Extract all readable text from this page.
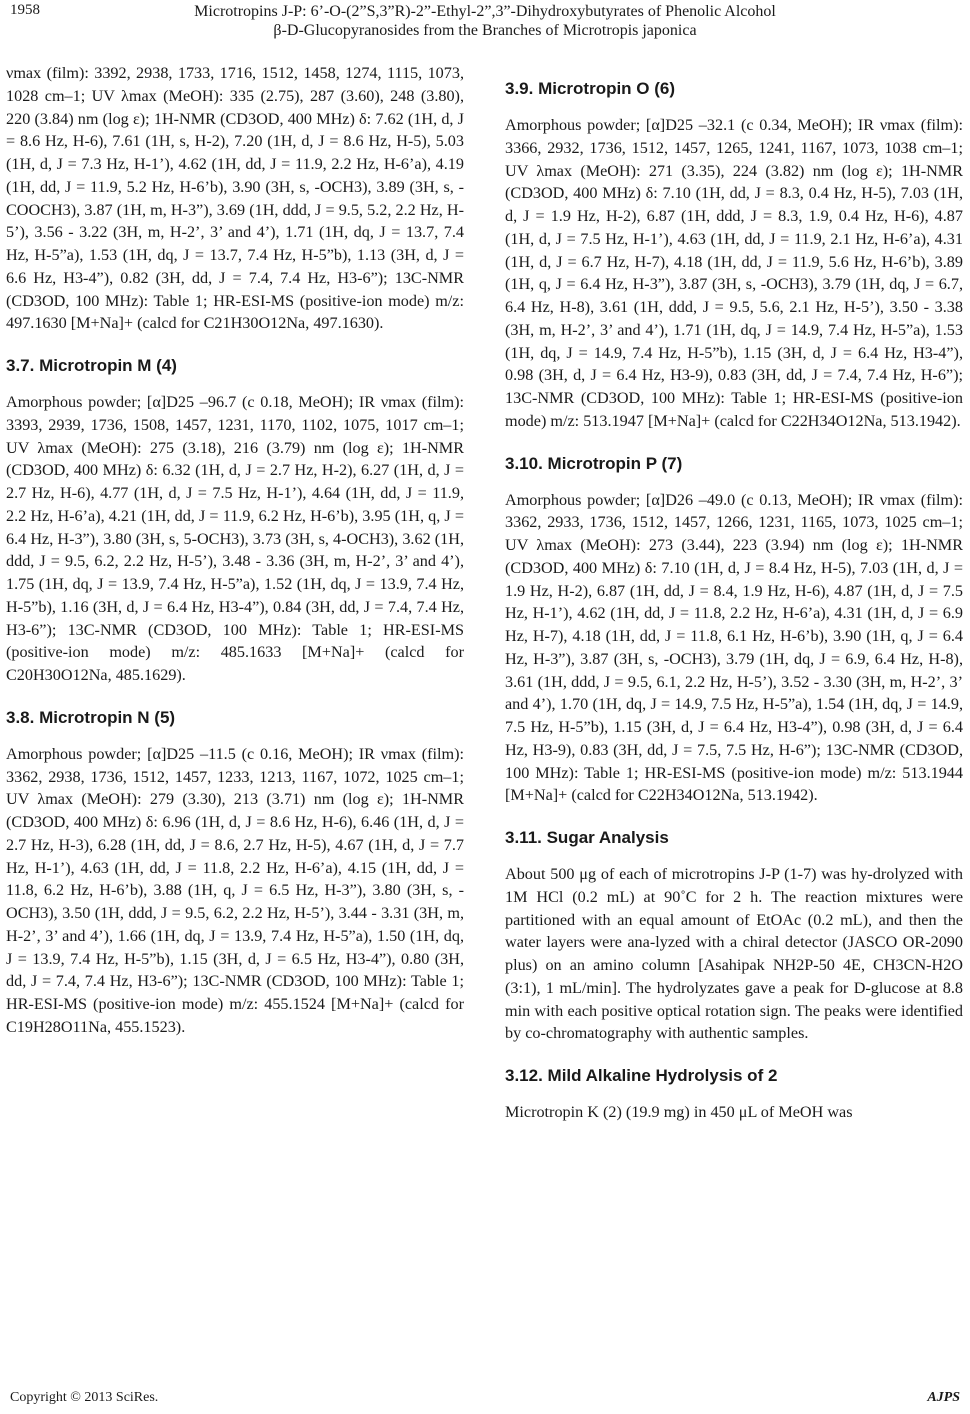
1958	Microtropins J-P: 6’-O-(2”S,3”R)-2”-Ethyl-2”,3”-Dihydroxybutyrates of Phenolic Alcohol
β-D-Glucopyranosides from the Branches of Microtropis japonica

νmax (film): 3392, 2938, 1733, 1716, 1512, 1458, 1274, 1115, 1073, 1028 cm–1; UV λmax (MeOH): 335 (2.75), 287 (3.60), 248 (3.80), 220 (3.84) nm (log ε); 1H-NMR (CD3OD, 400 MHz) δ: 7.62 (1H, d, J = 8.6 Hz, H-6), 7.61 (1H, s, H-2), 7.20 (1H, d, J = 8.6 Hz, H-5), 5.03 (1H, d, J = 7.3 Hz, H-1’), 4.62 (1H, dd, J = 11.9, 2.2 Hz, H-6’a), 4.19 (1H, dd, J = 11.9, 5.2 Hz, H-6’b), 3.90 (3H, s, -OCH3), 3.89 (3H, s, -COOCH3), 3.87 (1H, m, H-3”), 3.69 (1H, ddd, J = 9.5, 5.2, 2.2 Hz, H-5’), 3.56 - 3.22 (3H, m, H-2’, 3’ and 4’), 1.71 (1H, dq, J = 13.7, 7.4 Hz, H-5”a), 1.53 (1H, dq, J = 13.7, 7.4 Hz, H-5”b), 1.13 (3H, d, J = 6.6 Hz, H3-4”), 0.82 (3H, dd, J = 7.4, 7.4 Hz, H3-6”); 13C-NMR (CD3OD, 100 MHz): Table 1; HR-ESI-MS (positive-ion mode) m/z: 497.1630 [M+Na]+ (calcd for C21H30O12Na, 497.1630).

3.7. Microtropin M (4)

Amorphous powder; [α]D25 –96.7 (c 0.18, MeOH); IR νmax (film): 3393, 2939, 1736, 1508, 1457, 1231, 1170, 1102, 1075, 1017 cm–1; UV λmax (MeOH): 275 (3.18), 216 (3.79) nm (log ε); 1H-NMR (CD3OD, 400 MHz) δ: 6.32 (1H, d, J = 2.7 Hz, H-2), 6.27 (1H, d, J = 2.7 Hz, H-6), 4.77 (1H, d, J = 7.5 Hz, H-1’), 4.64 (1H, dd, J = 11.9, 2.2 Hz, H-6’a), 4.21 (1H, dd, J = 11.9, 6.2 Hz, H-6’b), 3.95 (1H, q, J = 6.4 Hz, H-3”), 3.80 (3H, s, 5-OCH3), 3.73 (3H, s, 4-OCH3), 3.62 (1H, ddd, J = 9.5, 6.2, 2.2 Hz, H-5’), 3.48 - 3.36 (3H, m, H-2’, 3’ and 4’), 1.75 (1H, dq, J = 13.9, 7.4 Hz, H-5”a), 1.52 (1H, dq, J = 13.9, 7.4 Hz, H-5”b), 1.16 (3H, d, J = 6.4 Hz, H3-4”), 0.84 (3H, dd, J = 7.4, 7.4 Hz, H3-6”); 13C-NMR (CD3OD, 100 MHz): Table 1; HR-ESI-MS (positive-ion mode) m/z: 485.1633 [M+Na]+ (calcd for C20H30O12Na, 485.1629).

3.8. Microtropin N (5)

Amorphous powder; [α]D25 –11.5 (c 0.16, MeOH); IR νmax (film): 3362, 2938, 1736, 1512, 1457, 1233, 1213, 1167, 1072, 1025 cm–1; UV λmax (MeOH): 279 (3.30), 213 (3.71) nm (log ε); 1H-NMR (CD3OD, 400 MHz) δ: 6.96 (1H, d, J = 8.6 Hz, H-6), 6.46 (1H, d, J = 2.7 Hz, H-3), 6.28 (1H, dd, J = 8.6, 2.7 Hz, H-5), 4.67 (1H, d, J = 7.7 Hz, H-1’), 4.63 (1H, dd, J = 11.8, 2.2 Hz, H-6’a), 4.15 (1H, dd, J = 11.8, 6.2 Hz, H-6’b), 3.88 (1H, q, J = 6.5 Hz, H-3”), 3.80 (3H, s, -OCH3), 3.50 (1H, ddd, J = 9.5, 6.2, 2.2 Hz, H-5’), 3.44 - 3.31 (3H, m, H-2’, 3’ and 4’), 1.66 (1H, dq, J = 13.9, 7.4 Hz, H-5”a), 1.50 (1H, dq, J = 13.9, 7.4 Hz, H-5”b), 1.15 (3H, d, J = 6.5 Hz, H3-4”), 0.80 (3H, dd, J = 7.4, 7.4 Hz, H3-6”); 13C-NMR (CD3OD, 100 MHz): Table 1; HR-ESI-MS (positive-ion mode) m/z: 455.1524 [M+Na]+ (calcd for C19H28O11Na, 455.1523).

3.9. Microtropin O (6)

Amorphous powder; [α]D25 –32.1 (c 0.34, MeOH); IR νmax (film): 3366, 2932, 1736, 1512, 1457, 1265, 1241, 1167, 1073, 1038 cm–1; UV λmax (MeOH): 271 (3.35), 224 (3.82) nm (log ε); 1H-NMR (CD3OD, 400 MHz) δ: 7.10 (1H, dd, J = 8.3, 0.4 Hz, H-5), 7.03 (1H, d, J = 1.9 Hz, H-2), 6.87 (1H, ddd, J = 8.3, 1.9, 0.4 Hz, H-6), 4.87 (1H, d, J = 7.5 Hz, H-1’), 4.63 (1H, dd, J = 11.9, 2.1 Hz, H-6’a), 4.31 (1H, d, J = 6.7 Hz, H-7), 4.18 (1H, dd, J = 11.9, 5.6 Hz, H-6’b), 3.89 (1H, q, J = 6.4 Hz, H-3”), 3.87 (3H, s, -OCH3), 3.79 (1H, dq, J = 6.7, 6.4 Hz, H-8), 3.61 (1H, ddd, J = 9.5, 5.6, 2.1 Hz, H-5’), 3.50 - 3.38 (3H, m, H-2’, 3’ and 4’), 1.71 (1H, dq, J = 14.9, 7.4 Hz, H-5”a), 1.53 (1H, dq, J = 14.9, 7.4 Hz, H-5”b), 1.15 (3H, d, J = 6.4 Hz, H3-4”), 0.98 (3H, d, J = 6.4 Hz, H3-9), 0.83 (3H, dd, J = 7.4, 7.4 Hz, H-6”); 13C-NMR (CD3OD, 100 MHz): Table 1; HR-ESI-MS (positive-ion mode) m/z: 513.1947 [M+Na]+ (calcd for C22H34O12Na, 513.1942).

3.10. Microtropin P (7)

Amorphous powder; [α]D26 –49.0 (c 0.13, MeOH); IR νmax (film): 3362, 2933, 1736, 1512, 1457, 1266, 1231, 1165, 1073, 1025 cm–1; UV λmax (MeOH): 273 (3.44), 223 (3.94) nm (log ε); 1H-NMR (CD3OD, 400 MHz) δ: 7.10 (1H, d, J = 8.4 Hz, H-5), 7.03 (1H, d, J = 1.9 Hz, H-2), 6.87 (1H, dd, J = 8.4, 1.9 Hz, H-6), 4.87 (1H, d, J = 7.5 Hz, H-1’), 4.62 (1H, dd, J = 11.8, 2.2 Hz, H-6’a), 4.31 (1H, d, J = 6.9 Hz, H-7), 4.18 (1H, dd, J = 11.8, 6.1 Hz, H-6’b), 3.90 (1H, q, J = 6.4 Hz, H-3”), 3.87 (3H, s, -OCH3), 3.79 (1H, dq, J = 6.9, 6.4 Hz, H-8), 3.61 (1H, ddd, J = 9.5, 6.1, 2.2 Hz, H-5’), 3.52 - 3.30 (3H, m, H-2’, 3’ and 4’), 1.70 (1H, dq, J = 14.9, 7.5 Hz, H-5”a), 1.54 (1H, dq, J = 14.9, 7.5 Hz, H-5”b), 1.15 (3H, d, J = 6.4 Hz, H3-4”), 0.98 (3H, d, J = 6.4 Hz, H3-9), 0.83 (3H, dd, J = 7.5, 7.5 Hz, H-6”); 13C-NMR (CD3OD, 100 MHz): Table 1; HR-ESI-MS (positive-ion mode) m/z: 513.1944 [M+Na]+ (calcd for C22H34O12Na, 513.1942).

3.11. Sugar Analysis

About 500 μg of each of microtropins J-P (1-7) was hy-drolyzed with 1M HCl (0.2 mL) at 90˚C for 2 h. The reaction mixtures were partitioned with an equal amount of EtOAc (0.2 mL), and then the water layers were ana-lyzed with a chiral detector (JASCO OR-2090 plus) on an amino column [Asahipak NH2P-50 4E, CH3CN-H2O (3:1), 1 mL/min]. The hydrolyzates gave a peak for D-glucose at 8.8 min with each positive optical rotation sign. The peaks were identified by co-chromatography with authentic samples.

3.12. Mild Alkaline Hydrolysis of 2

Microtropin K (2) (19.9 mg) in 450 μL of MeOH was

Copyright © 2013 SciRes.	AJPS
